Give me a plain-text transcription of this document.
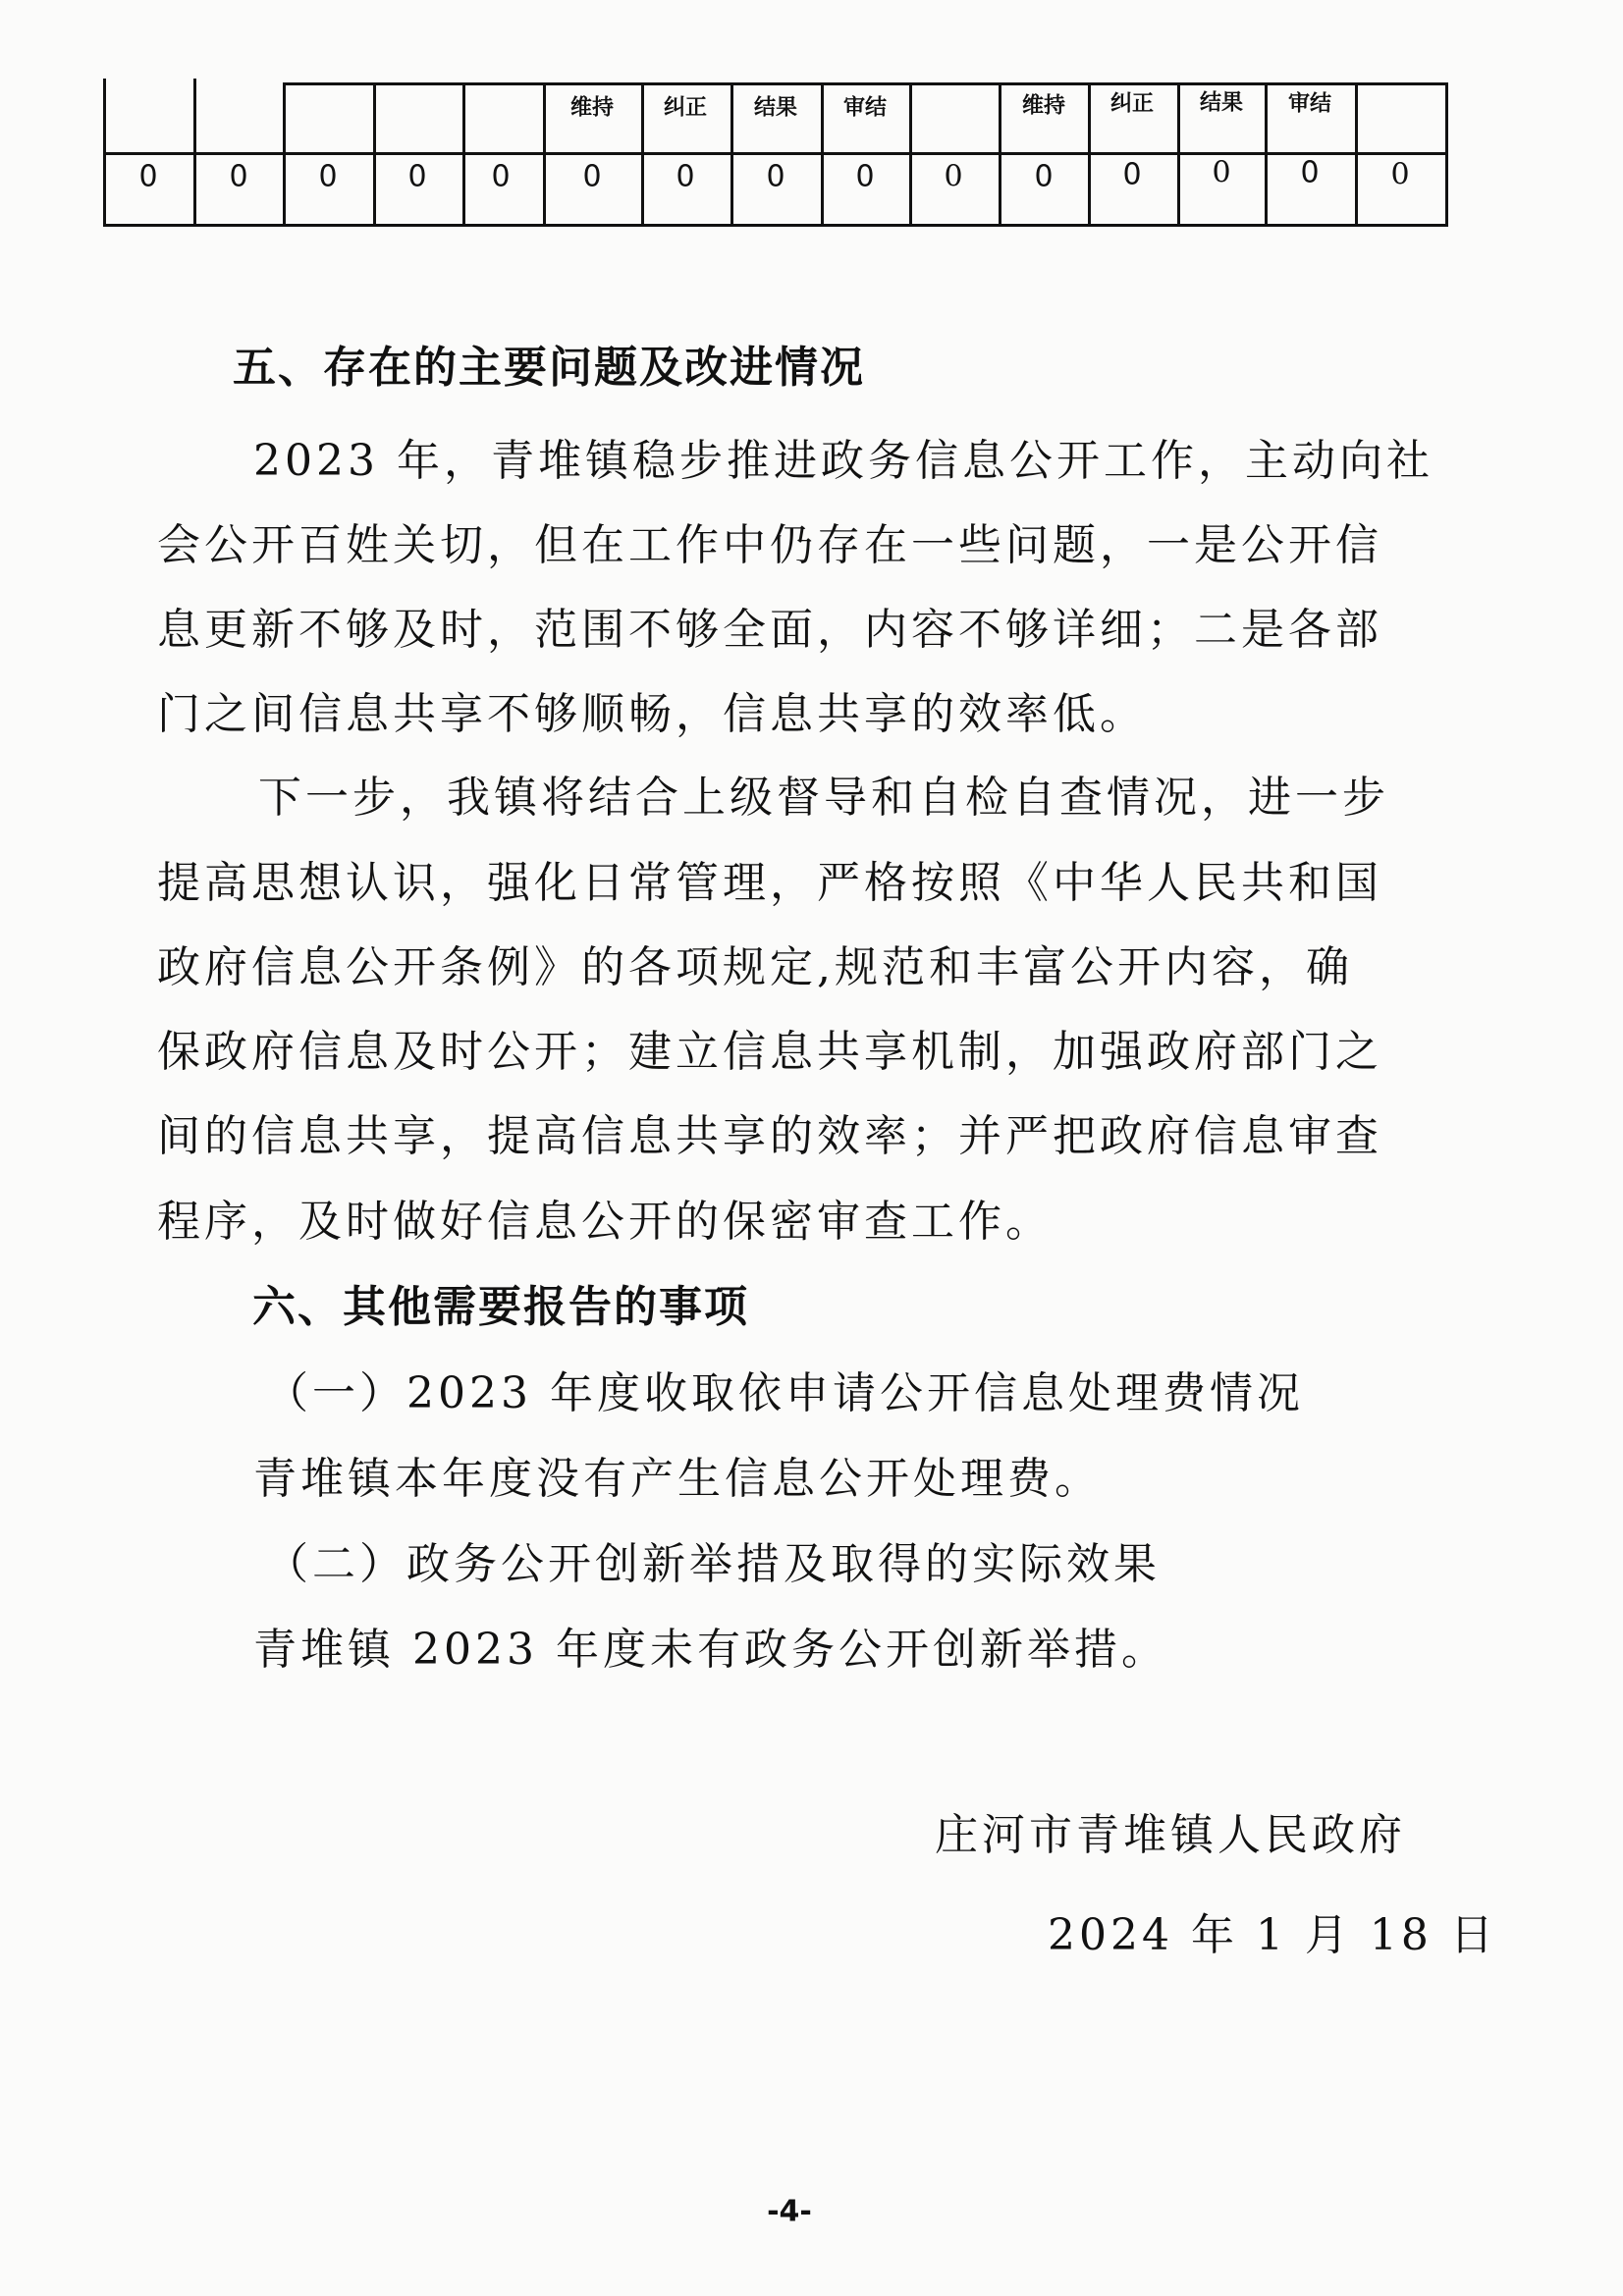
维持 纠正 结果 审结	维持 纠正 结果 审结
0 0 0 0 0 0	0 0 0 0 0 0 0 0 0
五、存在的主要问题及改进情况
2023 年，青堆镇稳步推进政务信息公开工作，主动向社
会公开百姓关切，但在工作中仍存在一些问题，一是公开信
息更新不够及时，范围不够全面，内容不够详细；二是各部
门之间信息共享不够顺畅，信息共享的效率低。
下一步，我镇将结合上级督导和自检自查情况，进一步
提高思想认识，强化日常管理，严格按照《中华人民共和国
政府信息公开条例》的各项规定,规范和丰富公开内容，确
保政府信息及时公开；建立信息共享机制，加强政府部门之
间的信息共享，提高信息共享的效率；并严把政府信息审查
程序，及时做好信息公开的保密审查工作。
六、其他需要报告的事项
（一）2023 年度收取依申请公开信息处理费情况
青堆镇本年度没有产生信息公开处理费。
（二）政务公开创新举措及取得的实际效果
青堆镇 2023 年度未有政务公开创新举措。
庄河市青堆镇人民政府
2024 年 1 月 18 日
-4-
